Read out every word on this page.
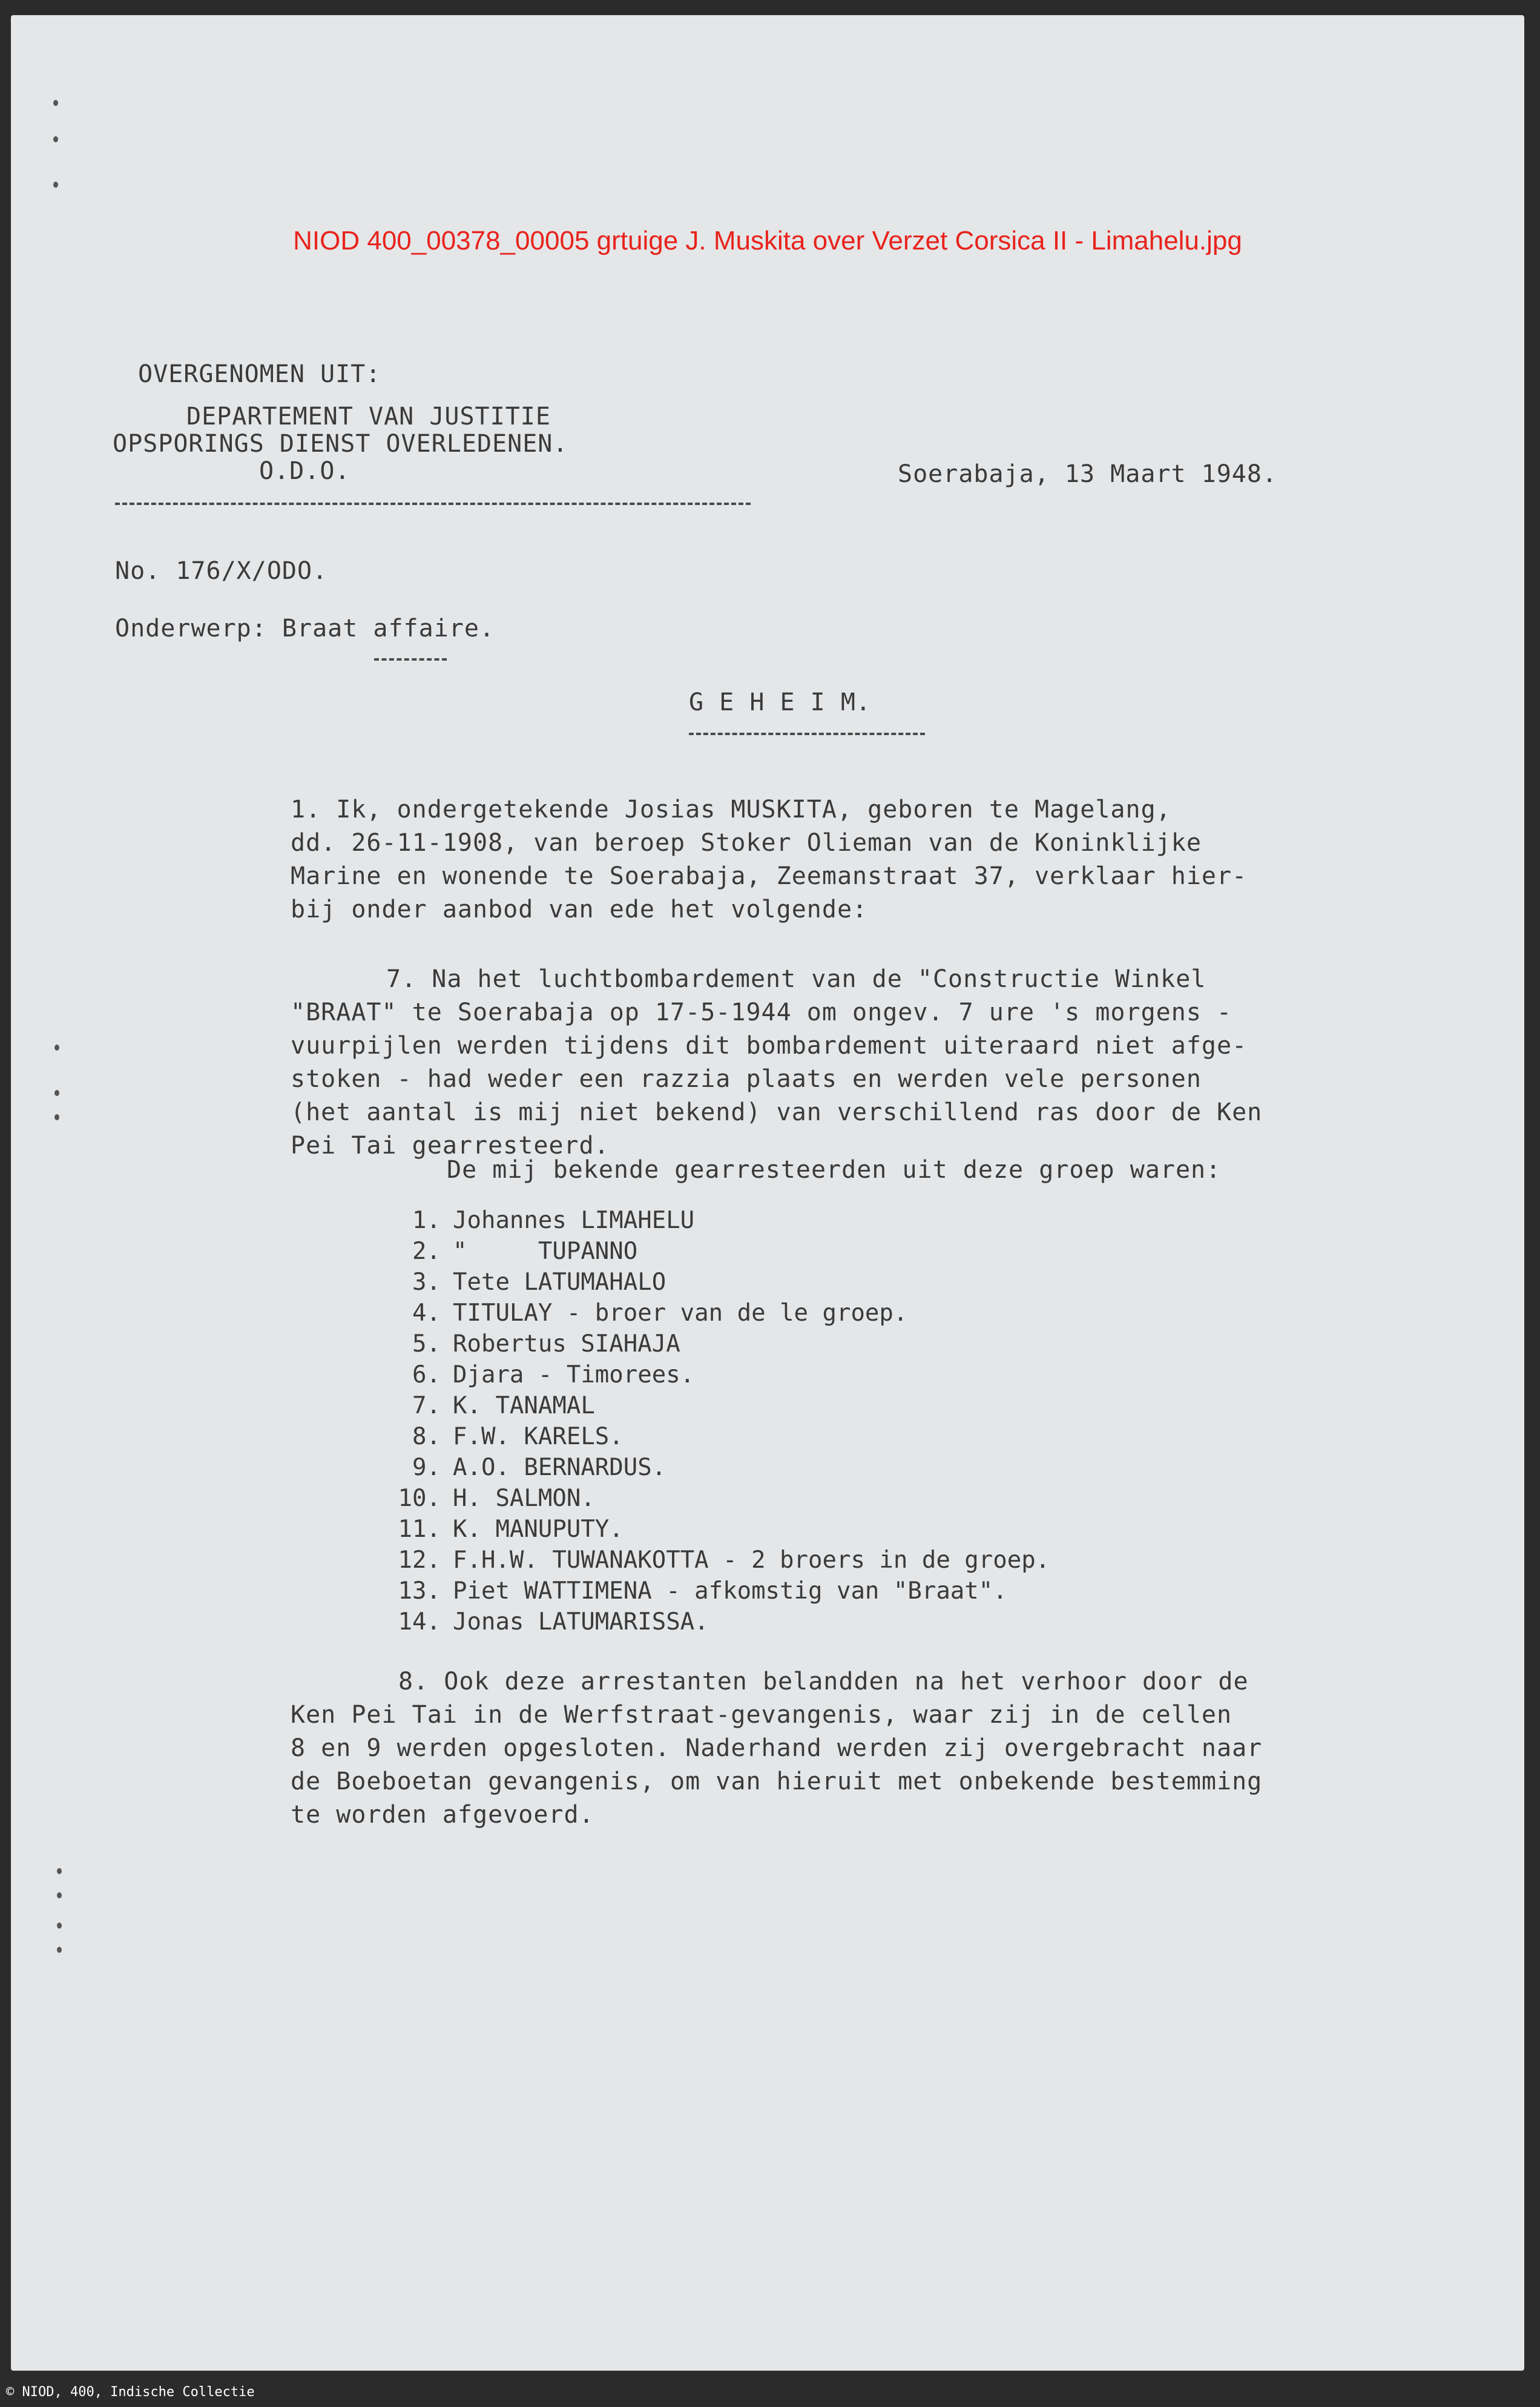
NIOD 400_00378_00005 grtuige J. Muskita over Verzet Corsica II - Limahelu.jpg
OVERGENOMEN UIT:
DEPARTEMENT VAN JUSTITIE
OPSPORINGS DIENST OVERLEDENEN.
O.D.O.	Soerabaja, 13 Maart 1948.
No. 176/X/ODO.
Onderwerp: Braat affaire.
G E H E I M.
1. Ik, ondergetekende Josias MUSKITA, geboren te Magelang,
dd. 26-11-1908, van beroep Stoker Olieman van de Koninklijke
Marine en wonende te Soerabaja, Zeemanstraat 37, verklaar hier-
bij onder aanbod van ede het volgende:
7. Na het luchtbombardement van de "Constructie Winkel
"BRAAT" te Soerabaja op 17-5-1944 om ongev. 7 ure 's morgens -
vuurpijlen werden tijdens dit bombardement uiteraard niet afge-
stoken - had weder een razzia plaats en werden vele personen
(het aantal is mij niet bekend) van verschillend ras door de Ken
Pei Tai gearresteerd.
De mij bekende gearresteerden uit deze groep waren:
1. Johannes LIMAHELU
2. "     TUPANNO
3. Tete LATUMAHALO
4. TITULAY - broer van de le groep.
5. Robertus SIAHAJA
6. Djara - Timorees.
7. K. TANAMAL
8. F.W. KARELS.
9. A.O. BERNARDUS.
10. H. SALMON.
11. K. MANUPUTY.
12. F.H.W. TUWANAKOTTA - 2 broers in de groep.
13. Piet WATTIMENA - afkomstig van "Braat".
14. Jonas LATUMARISSA.
8. Ook deze arrestanten belandden na het verhoor door de
Ken Pei Tai in de Werfstraat-gevangenis, waar zij in de cellen
8 en 9 werden opgesloten. Naderhand werden zij overgebracht naar
de Boeboetan gevangenis, om van hieruit met onbekende bestemming
te worden afgevoerd.
© NIOD, 400, Indische Collectie
